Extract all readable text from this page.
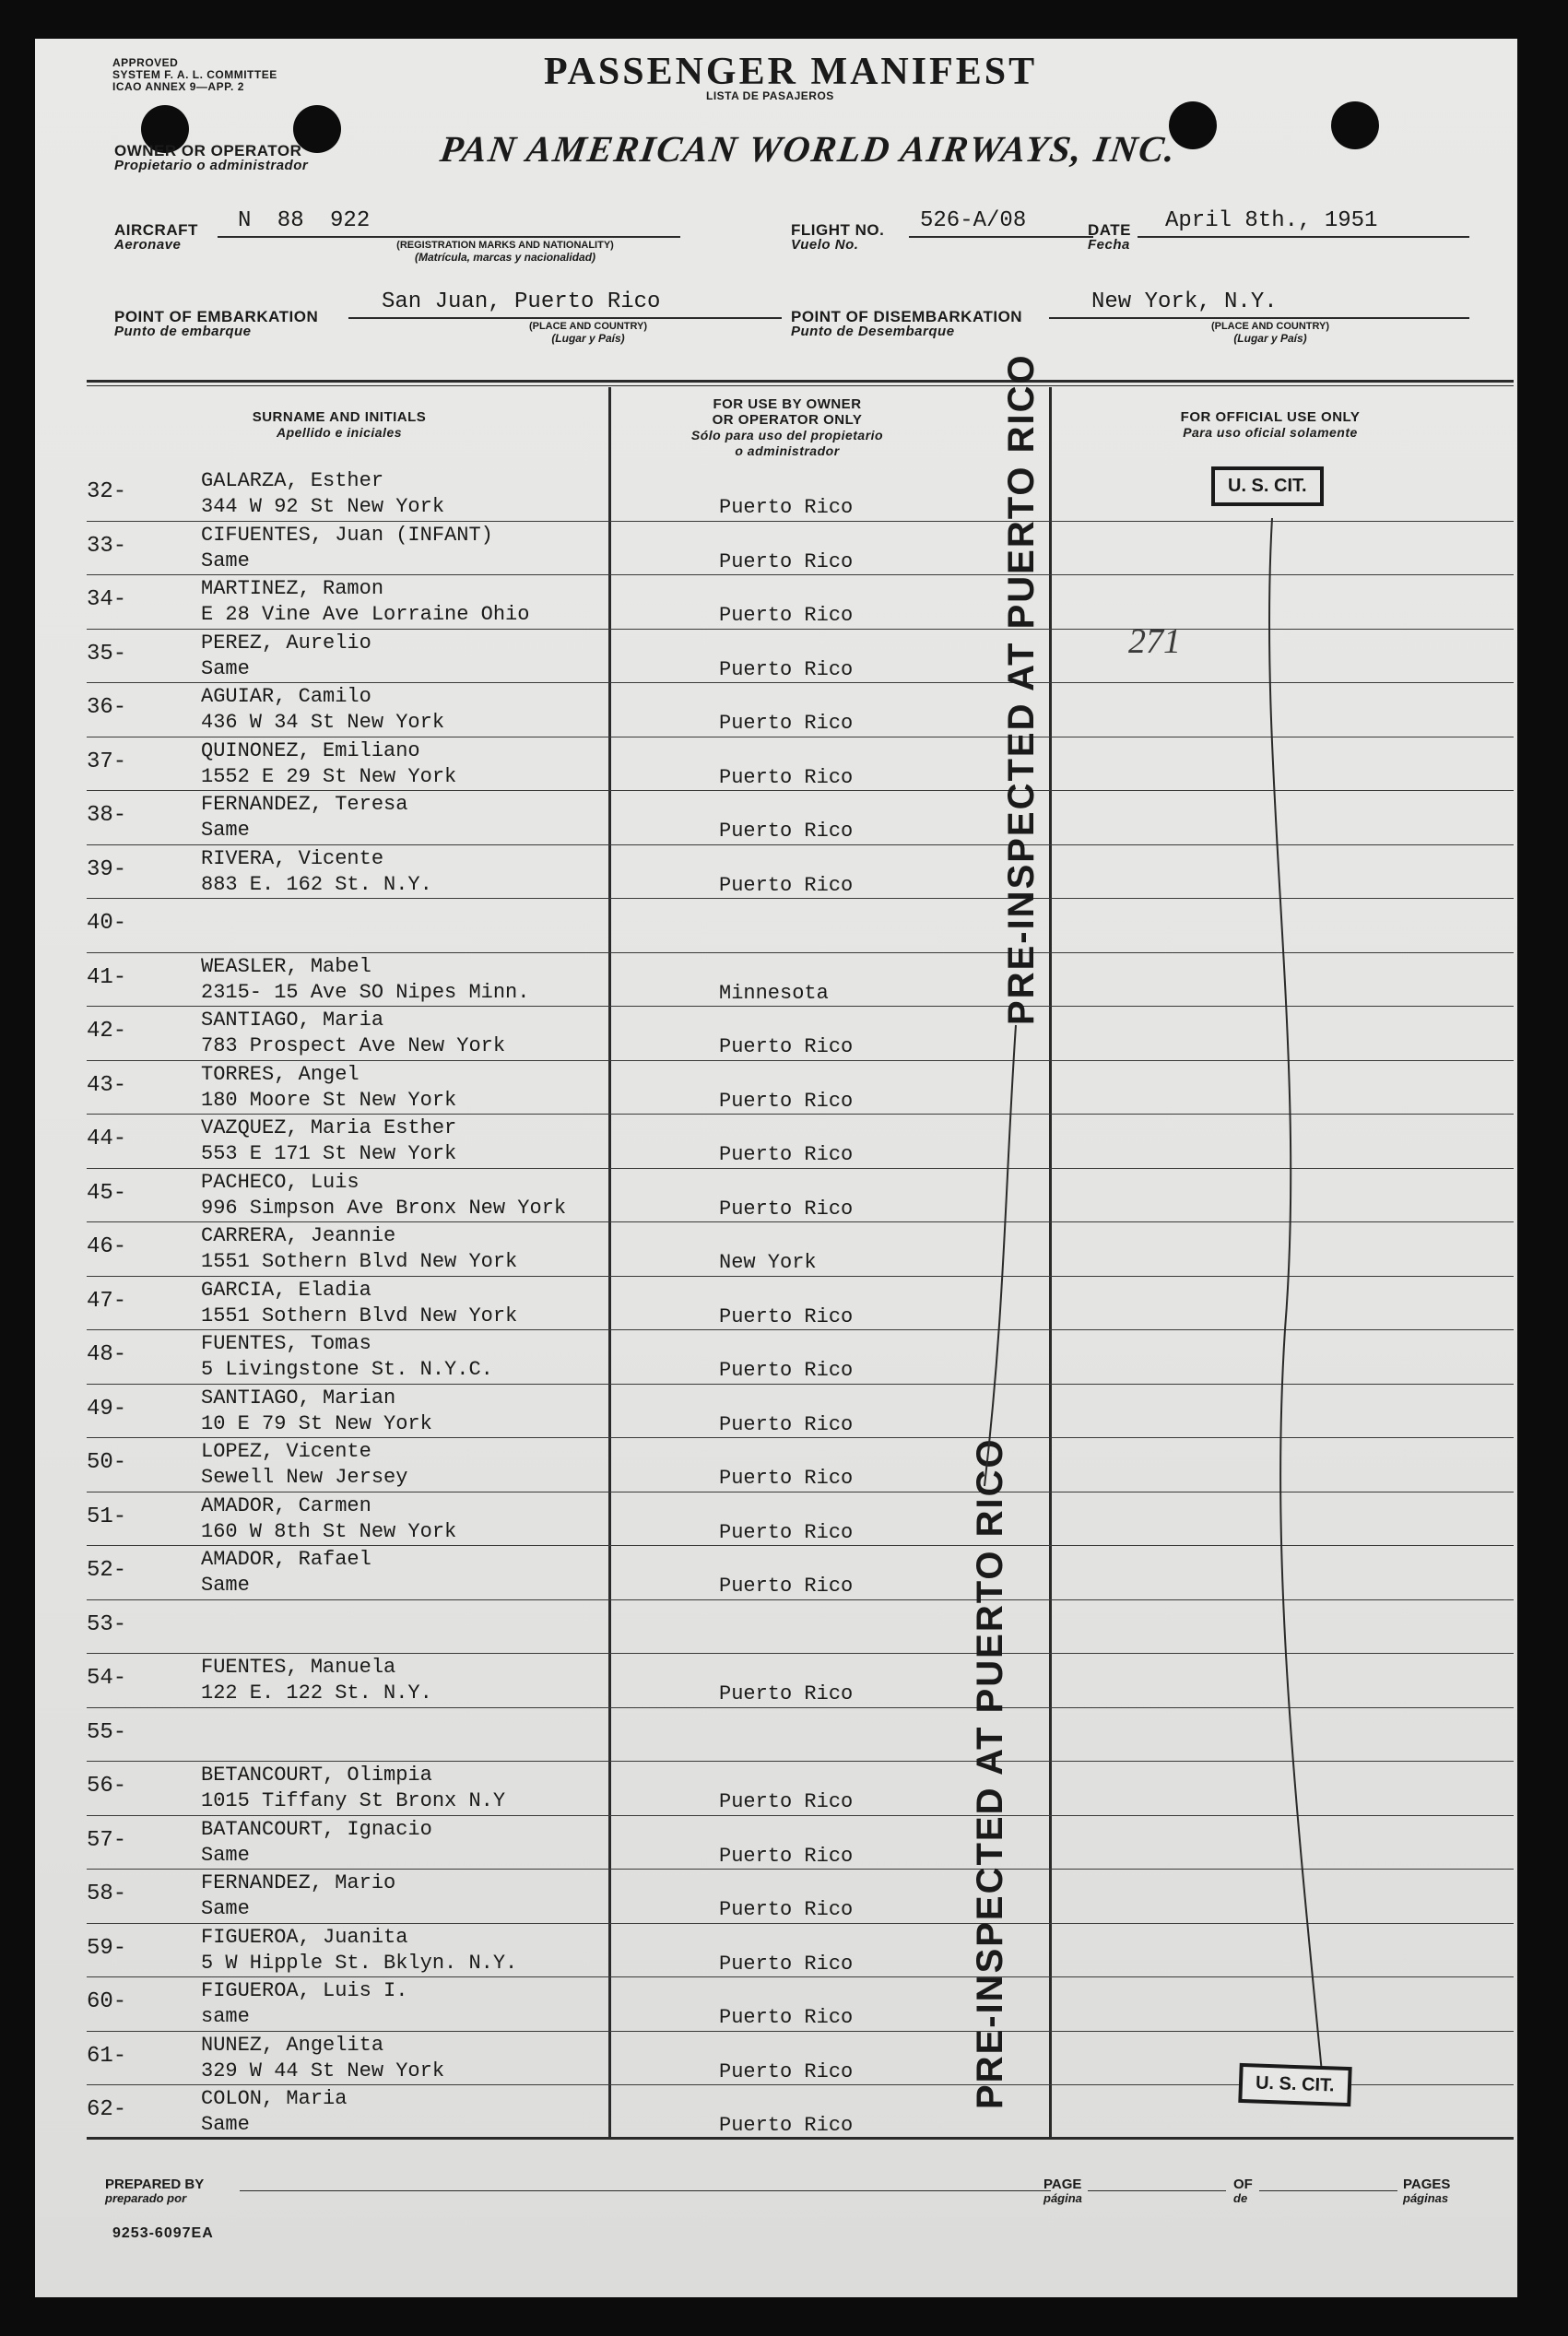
APPROVED
SYSTEM F. A. L. COMMITTEE
ICAO ANNEX 9—APP. 2	PASSENGER MANIFEST
LISTA DE PASAJEROS
OWNER OR OPERATOR
Propietario o administrador	PAN AMERICAN WORLD AIRWAYS, INC.
AIRCRAFT
Aeronave
N 88 922
(REGISTRATION MARKS AND NATIONALITY)
(Matrícula, marcas y nacionalidad)
FLIGHT NO.
Vuelo No.
526-A/08	DATE
Fecha
April 8th., 1951
POINT OF EMBARKATION
Punto de embarque
San Juan, Puerto Rico
(PLACE AND COUNTRY)
(Lugar y País)
POINT OF DISEMBARKATION
Punto de Desembarque
New York, N.Y.
(PLACE AND COUNTRY)
(Lugar y País)
SURNAME AND INITIALS
Apellido e iniciales
FOR USE BY OWNER
OR OPERATOR ONLY
Sólo para uso del propietario
o administrador
FOR OFFICIAL USE ONLY
Para uso oficial solamente
32-	GALARZA, Esther
344 W 92 St New York	Puerto Rico
33-	CIFUENTES, Juan (INFANT)
Same	Puerto Rico
34-	MARTINEZ, Ramon
E 28 Vine Ave Lorraine Ohio	Puerto Rico
35-	PEREZ, Aurelio
Same	Puerto Rico
36-	AGUIAR, Camilo
436 W 34 St New York	Puerto Rico
37-	QUINONEZ, Emiliano
1552 E 29 St New York	Puerto Rico
38-	FERNANDEZ, Teresa
Same	Puerto Rico
39-	RIVERA, Vicente
883 E. 162 St. N.Y.	Puerto Rico
40-
41-	WEASLER, Mabel
2315- 15 Ave SO Nipes Minn.	Minnesota
42-	SANTIAGO, Maria
783 Prospect Ave New York	Puerto Rico
43-	TORRES, Angel
180 Moore St New York	Puerto Rico
44-	VAZQUEZ, Maria Esther
553 E 171 St New York	Puerto Rico
45-	PACHECO, Luis
996 Simpson Ave Bronx New York	Puerto Rico
46-	CARRERA, Jeannie
1551 Sothern Blvd New York	New York
47-	GARCIA, Eladia
1551 Sothern Blvd New York	Puerto Rico
48-	FUENTES, Tomas
5 Livingstone St. N.Y.C.	Puerto Rico
49-	SANTIAGO, Marian
10 E 79 St New York	Puerto Rico
50-	LOPEZ, Vicente
Sewell New Jersey	Puerto Rico
51-	AMADOR, Carmen
160 W 8th St New York	Puerto Rico
52-	AMADOR, Rafael
Same	Puerto Rico
53-
54-	FUENTES, Manuela
122 E. 122 St. N.Y.	Puerto Rico
55-
56-	BETANCOURT, Olimpia
1015 Tiffany St Bronx N.Y	Puerto Rico
57-	BATANCOURT, Ignacio
Same	Puerto Rico
58-	FERNANDEZ, Mario
Same	Puerto Rico
59-	FIGUEROA, Juanita
5 W Hipple St. Bklyn. N.Y.	Puerto Rico
60-	FIGUEROA, Luis I.
same	Puerto Rico
61-	NUNEZ, Angelita
329 W 44 St New York	Puerto Rico
62-	COLON, Maria
Same	Puerto Rico
PRE-INSPECTED AT PUERTO RICO
PRE-INSPECTED AT PUERTO RICO
U. S. CIT.
U. S. CIT.
271
PREPARED BY
preparado por
PAGE
página
OF
de
PAGES
páginas
9253-6097EA
